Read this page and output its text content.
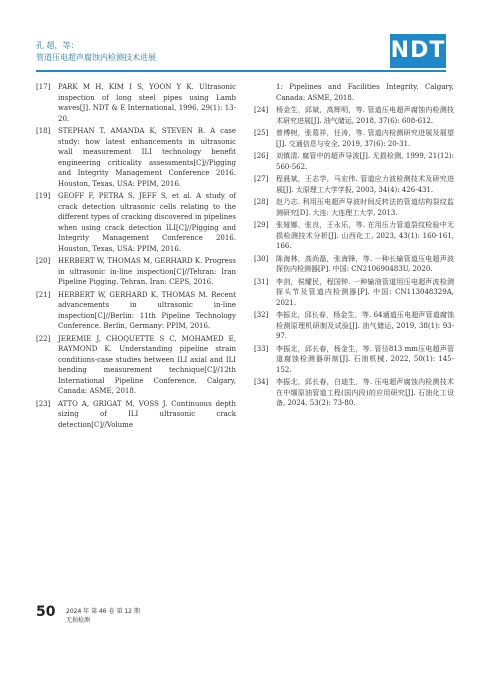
孔 超，等：
管道压电超声腐蚀内检测技术进展	NDT
[17] PARK M H, KIM I S, YOON Y K. Ultrasonic inspection of long steel pipes using Lamb waves[J]. NDT & E International, 1996, 29(1): 13-20.
[18] STEPHAN T, AMANDA K, STEVEN B. A case study: how latest enhancements in ultrasonic wall measurement ILI technology benefit engineering criticality assessments[C]//Pigging and Integrity Management Conference 2016. Houston, Texas, USA: PPIM, 2016.
[19] GEOFF F, PETRA S, JEFF S, et al. A study of crack detection ultrasonic cells relating to the different types of cracking discovered in pipelines when using crack detection ILI[C]//Pigging and Integrity Management Conference 2016. Houston, Texas, USA: PPIM, 2016.
[20] HERBERT W, THOMAS M, GERHARD K. Progress in ultrasonic in-line inspection[C]//Tehran: Iran Pipeline Pigging. Tehran, Iran: CEPS, 2016.
[21] HERBERT W, GERHARD K, THOMAS M. Recent advancements in ultrasonic in-line inspection[C]//Berlin: 11th Pipeline Technology Conference. Berlin, Germany: PPIM, 2016.
[22] JEREMIE J, CHOQUETTE S C, MOHAMED E, RAYMOND K. Understanding pipeline strain conditions-case studies between ILI axial and ILI bending measurement technique[C]//12th International Pipeline Conference. Calgary, Canada: ASME, 2018.
[23] ATTO A, GRIGAT M, VOSS J. Continuous depth sizing of ILI ultrasonic crack detection[C]//Volume
1: Pipelines and Facilities Integrity. Calgary, Canada: ASME, 2018.
[24] 杨金生，邱斌，高辉明，等. 管道压电超声腐蚀内检测技术研究进展[J]. 油气储运, 2018, 37(6): 608-612.
[25] 曾傅树，张葛祥，任涛，等. 管道内检测研究进展及展望[J]. 交通信息与安全, 2019, 37(6): 20-31.
[26] 刘镇清. 腐管中的超声导波[J]. 无损检测, 1999, 21(12): 560-562.
[27] 程晨斌，王志学，马宏伟. 管道应力波检测技术及研究进展[J]. 太原理工大学学报, 2003, 34(4): 426-431.
[28] 赵乃志. 利用压电超声导波时间反转法的管道结构裂纹监测研究[D]. 大连: 大连理工大学, 2013.
[29] 张娅娜，张良，王永乐，等. 在用压力管道裂纹检验中无损检测技术分析[J]. 山西化工, 2023, 43(1): 160-161, 166.
[30] 陈海林，高尚磊，张海锋，等. 一种长输管道压电超声波探伤内检测器[P]. 中国: CN210690483U, 2020.
[31] 李剑，侯耀民，程国钟. 一种输油管道用压电超声波检测探头节及管道内检测器[P]. 中国: CN113048329A, 2021.
[32] 李振北，邱长春，杨金生，等. 64通道压电超声管道腐蚀检测原理机研制及试验[J]. 油气储运, 2019, 38(1): 93-97.
[33] 李振北，邱长春，杨金生，等. 管径813 mm压电超声管道腐蚀检测器研制[J]. 石油机械, 2022, 50(1): 145-152.
[34] 李振北，邱长春，白迪生，等. 压电超声腐蚀内检测技术在中缅原油管道工程(国内段)的应用研究[J]. 石油化工设备, 2024, 53(2): 73-80.
50 2024 年 第 46 卷 第 12 期
无损检测
